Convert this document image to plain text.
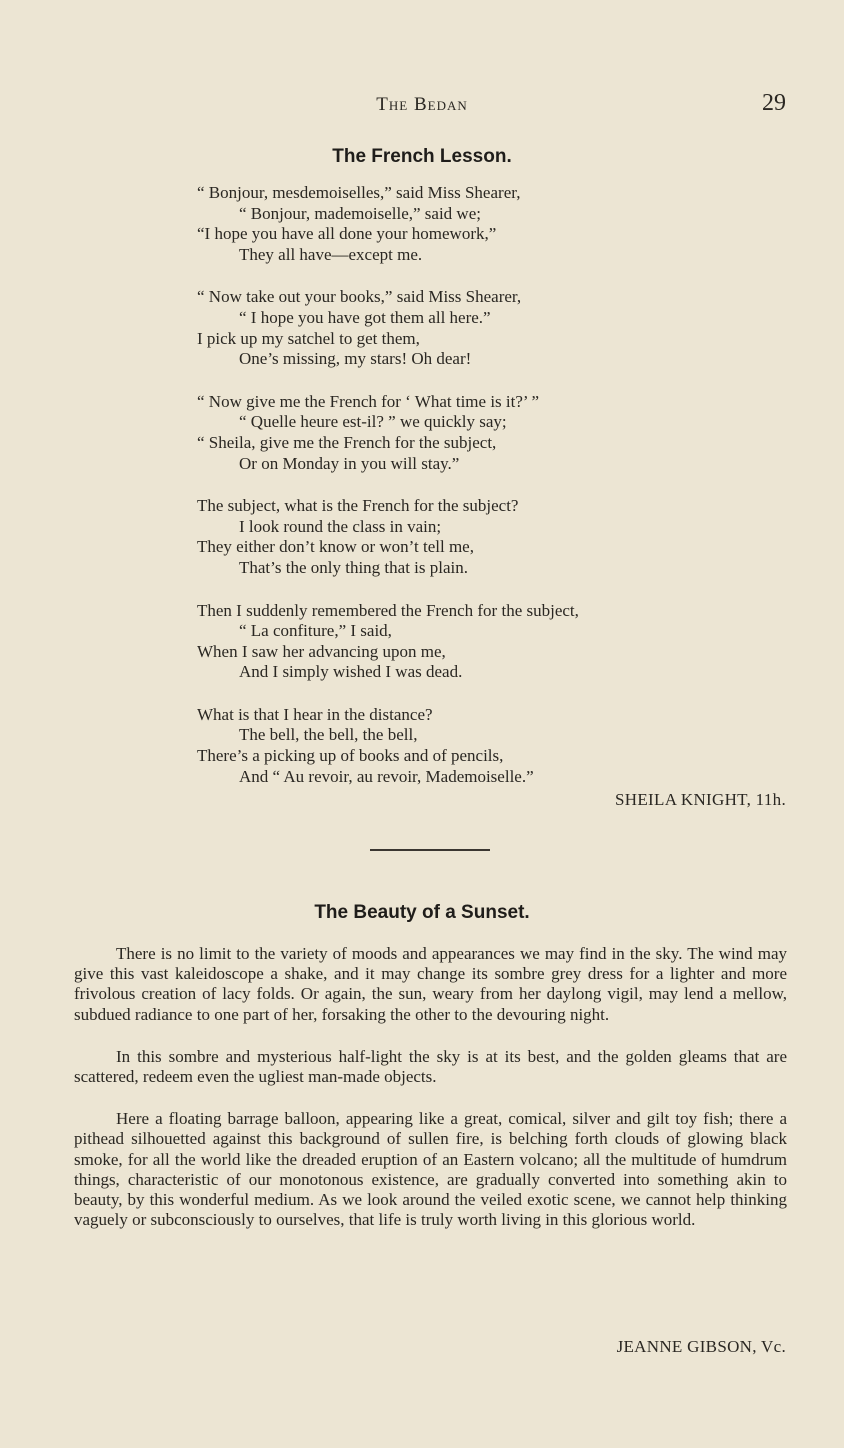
The Bedan	29
The French Lesson.
“ Bonjour, mesdemoiselles,” said Miss Shearer,
“ Bonjour, mademoiselle,” said we;
“I hope you have all done your homework,”
They all have—except me.
“ Now take out your books,” said Miss Shearer,
“ I hope you have got them all here.”
I pick up my satchel to get them,
One’s missing, my stars! Oh dear!
“ Now give me the French for ‘ What time is it?’ ”
“ Quelle heure est-il? ” we quickly say;
“ Sheila, give me the French for the subject,
Or on Monday in you will stay.”
The subject, what is the French for the subject?
I look round the class in vain;
They either don’t know or won’t tell me,
That’s the only thing that is plain.
Then I suddenly remembered the French for the subject,
“ La confiture,” I said,
When I saw her advancing upon me,
And I simply wished I was dead.
What is that I hear in the distance?
The bell, the bell, the bell,
There’s a picking up of books and of pencils,
And “ Au revoir, au revoir, Mademoiselle.”
SHEILA KNIGHT, 11h.
The Beauty of a Sunset.

There is no limit to the variety of moods and appearances we may find in the sky. The wind may give this vast kaleidoscope a shake, and it may change its sombre grey dress for a lighter and more frivolous creation of lacy folds. Or again, the sun, weary from her daylong vigil, may lend a mellow, subdued radiance to one part of her, forsaking the other to the devouring night.

In this sombre and mysterious half-light the sky is at its best, and the golden gleams that are scattered, redeem even the ugliest man-made objects.

Here a floating barrage balloon, appearing like a great, comical, silver and gilt toy fish; there a pithead silhouetted against this background of sullen fire, is belching forth clouds of glowing black smoke, for all the world like the dreaded eruption of an Eastern volcano; all the multitude of humdrum things, characteristic of our monotonous existence, are gradually converted into something akin to beauty, by this wonderful medium. As we look around the veiled exotic scene, we cannot help thinking vaguely or subconsciously to ourselves, that life is truly worth living in this glorious world.

JEANNE GIBSON, Vc.
